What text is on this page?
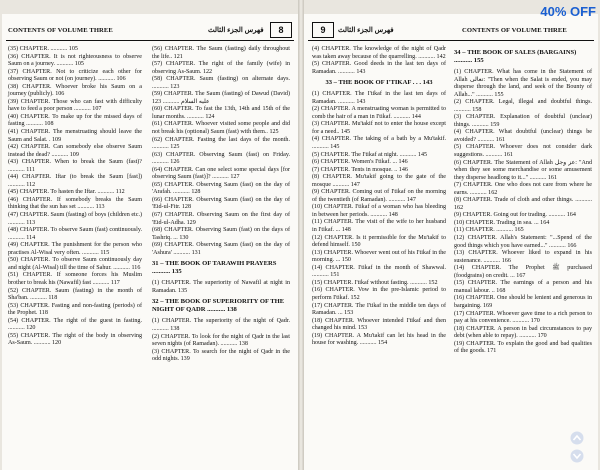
CONTENTS OF VOLUME THREE	فهرس الجزء الثالث	8
(35) CHAPTER. ........... 105
(36) CHAPTER. It is not righteousness to observe Saum on a journey. ........... 105
(37) CHAPTER. Not to criticize each other for observing Saum or not (on journey). ........... 106
(38) CHAPTER. Whoever broke his Saum on a journey (publicly). 106
(39) CHAPTER. Those who can fast with difficulty have to feed a poor person ........... 107
(40) CHAPTER. To make up for the missed days of fasting ........... 108
(41) CHAPTER. The menstruating should leave the Saum and Salat. . 109
(42) CHAPTER. Can somebody else observe Saum instead the dead? ........... 109
(43) CHAPTER. When to break the Saum (fast)? ........... 111
(44) CHAPTER. Iftar (to break the Saum [fast]) ........... 112
(45) CHAPTER. To hasten the Iftar. ........... 112
(46) CHAPTER. If somebody breaks the Saum thinking that the sun has set ........... 113
(47) CHAPTER. Saum (fasting) of boys (children etc.) ........... 113
(48) CHAPTER. To observe Saum (fast) continuously. ........... 114
(49) CHAPTER. The punishment for the person who practises Al-Wisal very often. ........... 115
(50) CHAPTER. To observe Saum continuously day and night (Al-Wisal) till the time of Sahur. ........... 116
(51) CHAPTER. If someone forces his Muslim brother to break his (Nawafil) fast ........... 117
(52) CHAPTER. Saum (fasting) in the month of Sha'ban. ........... 118
(53) CHAPTER. Fasting and non-fasting (periods) of the Prophet. 118
(54) CHAPTER. The right of the guest in fasting. ........... 120
(55) CHAPTER. The right of the body in observing As-Saum. ........... 120
(56) CHAPTER. The Saum (fasting) daily throughout the life.. 121
(57) CHAPTER. The right of the family (wife) in observing As-Saum. 122
(58) CHAPTER. Saum (fasting) on alternate days. ........... 123
(59) CHAPTER. The Saum (fasting) of Dawud (David) عليه السلام ........... 123
(60) CHAPTER. To fast the 13th, 14th and 15th of the lunar months. ........... 124
(61) CHAPTER. Whoever visited some people and did not break his (optional) Saum (fast) with them.. 125
(62) CHAPTER. Fasting the last days of the month. ........... 125
(63) CHAPTER. Observing Saum (fast) on Friday. ........... 126
(64) CHAPTER. Can one select some special days [for observing Saum (fast)]? ........... 127
(65) CHAPTER. Observing Saum (fast) on the day of 'Arafah. ........... 128
(66) CHAPTER. Observing Saum (fast) on the day of 'Eid-ul-Fitr. 128
(67) CHAPTER. Observing Saum on the first day of 'Eid-ul-Adha. 129
(68) CHAPTER. Observing Saum (fast) on the days of Tashriq. ... 130
(69) CHAPTER. Observing Saum (fast) on the day of 'Ashura' ........... 131
31 – THE BOOK OF TARAWIH PRAYERS ........... 135
(1) CHAPTER. The superiority of Nawafil at night in Ramadan. 135
32 – THE BOOK OF SUPERIORITY OF THE NIGHT OF QADR ........... 138
(1) CHAPTER. The superiority of the night of Qadr. ........... 138
(2) CHAPTER. To look for the night of Qadr in the last seven nights (of Ramadan). ........... 138
(3) CHAPTER. To search for the night of Qadr in the odd nights. 139
9	فهرس الجزء الثالث	CONTENTS OF VOLUME THREE
(4) CHAPTER. The knowledge of the night of Qadr was taken away because of the quarrelling. ........... 142
(5) CHAPTER. Good deeds in the last ten days of Ramadan. ........... 143
33 – THE BOOK OF I'TIKAF . . . 143
(1) CHAPTER. The I'tikaf in the last ten days of Ramadan. ........... 143
(2) CHAPTER. A menstruating woman is permitted to comb the hair of a man in I'tikaf. ........... 144
(3) CHAPTER. Mu'takif not to enter the house except for a need.. 145
(4) CHAPTER. The taking of a bath by a Mu'takif. ........... 145
(5) CHAPTER. The I'tikaf at night. ........... 145
(6) CHAPTER. Women's I'tikaf. ... 146
(7) CHAPTER. Tents in mosque. .. 146
(8) CHAPTER. Mu'takif going to the gate of the mosque ........... 147
(9) CHAPTER. Coming out of I'tikaf on the morning of the twentieth (of Ramadan). ........... 147
(10) CHAPTER. I'tikaf of a woman who has bleeding in between her periods. ........... 148
(11) CHAPTER. The visit of the wife to her husband in I'tikaf. ... 148
(12) CHAPTER. Is it permissible for the Mu'takif to defend himself. 150
(13) CHAPTER. Whoever went out of his I'tikaf in the morning. ... 150
(14) CHAPTER. I'tikaf in the month of Shawwal. ........... 151
(15) CHAPTER. I'tikaf without fasting. ........... 152
(16) CHAPTER. Vow in the pre-Islamic period to perform I'tikaf. 152
(17) CHAPTER. The I'tikaf in the middle ten days of Ramadan. ... 153
(18) CHAPTER. Whoever intended I'tikaf and then changed his mind. 153
(19) CHAPTER. A Mu'takif can let his head in the house for washing. ........... 154
34 – THE BOOK OF SALES (BARGAINS) ........... 155
(1) CHAPTER. What has come in the Statement of Allah تعالى: "Then when the Salat is ended, you may disperse through the land, and seek of the Bounty of Allah..." ........... 155
(2) CHAPTER. Legal, illegal and doubtful things. ........... 158
(3) CHAPTER. Explanation of doubtful (unclear) things. ........... 159
(4) CHAPTER. What doubtful (unclear) things be avoided? ........... 161
(5) CHAPTER. Whoever does not consider dark suggestions. ........... 161
(6) CHAPTER. The Statement of Allah عز وجل: "And when they see some merchandise or some amusement they disperse headlong to it..." ........... 161
(7) CHAPTER. One who does not care from where he earns. ........... 162
(8) CHAPTER. Trade of cloth and other things. ........... 162
(9) CHAPTER. Going out for trading. ........... 164
(10) CHAPTER. Trading in sea. ... 164
(11) CHAPTER. ........... 165
(12) CHAPTER. Allah's Statement: "...Spend of the good things which you have earned..." ........... 166
(13) CHAPTER. Whoever liked to expand in his sustenance. ........... 166
(14) CHAPTER. The Prophet ﷺ purchased (foodgrains) on credit. ... 167
(15) CHAPTER. The earnings of a person and his manual labour. .. 168
(16) CHAPTER. One should be lenient and generous in bargaining. 169
(17) CHAPTER. Whoever gave time to a rich person to pay at his convenience. ........... 170
(18) CHAPTER. A person in bad circumstances to pay debt (when able to repay). ........... 170
(19) CHAPTER. To explain the good and bad qualities of the goods. 171
40% OFF
